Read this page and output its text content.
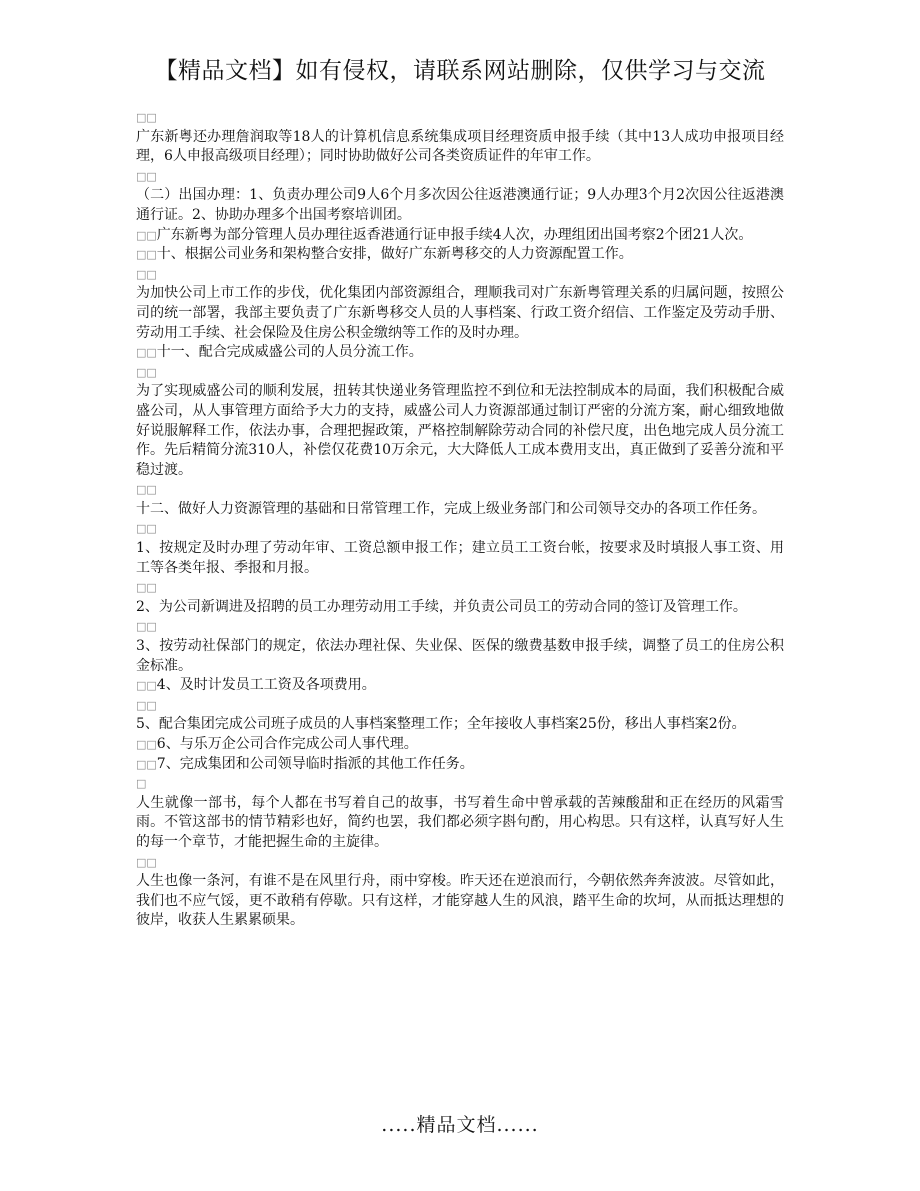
【精品文档】如有侵权，请联系网站删除，仅供学习与交流
□□

广东新粤还办理詹润取等18人的计算机信息系统集成项目经理资质申报手续（其中13人成功申报项目经理，6人申报高级项目经理）；同时协助做好公司各类资质证件的年审工作。

□□

（二）出国办理：1、负责办理公司9人6个月多次因公往返港澳通行证；9人办理3个月2次因公往返港澳通行证。2、协助办理多个出国考察培训团。

□□广东新粤为部分管理人员办理往返香港通行证申报手续4人次，办理组团出国考察2个团21人次。

□□十、根据公司业务和架构整合安排，做好广东新粤移交的人力资源配置工作。

□□

为加快公司上市工作的步伐，优化集团内部资源组合，理顺我司对广东新粤管理关系的归属问题，按照公司的统一部署，我部主要负责了广东新粤移交人员的人事档案、行政工资介绍信、工作鉴定及劳动手册、劳动用工手续、社会保险及住房公积金缴纳等工作的及时办理。

□□十一、配合完成威盛公司的人员分流工作。

□□

为了实现威盛公司的顺利发展，扭转其快递业务管理监控不到位和无法控制成本的局面，我们积极配合威盛公司，从人事管理方面给予大力的支持，威盛公司人力资源部通过制订严密的分流方案，耐心细致地做好说服解释工作，依法办事，合理把握政策，严格控制解除劳动合同的补偿尺度，出色地完成人员分流工作。先后精简分流310人，补偿仅花费10万余元，大大降低人工成本费用支出，真正做到了妥善分流和平稳过渡。

□□

十二、做好人力资源管理的基础和日常管理工作，完成上级业务部门和公司领导交办的各项工作任务。

□□

1、按规定及时办理了劳动年审、工资总额申报工作；建立员工工资台帐，按要求及时填报人事工资、用工等各类年报、季报和月报。

□□

2、为公司新调进及招聘的员工办理劳动用工手续，并负责公司员工的劳动合同的签订及管理工作。

□□

3、按劳动社保部门的规定，依法办理社保、失业保、医保的缴费基数申报手续，调整了员工的住房公积金标准。

□□4、及时计发员工工资及各项费用。

□□

5、配合集团完成公司班子成员的人事档案整理工作；全年接收人事档案25份，移出人事档案2份。

□□6、与乐万企公司合作完成公司人事代理。

□□7、完成集团和公司领导临时指派的其他工作任务。

□

人生就像一部书，每个人都在书写着自己的故事，书写着生命中曾承载的苦辣酸甜和正在经历的风霜雪雨。不管这部书的情节精彩也好，简约也罢，我们都必须字斟句酌，用心构思。只有这样，认真写好人生的每一个章节，才能把握生命的主旋律。

□□

人生也像一条河，有谁不是在风里行舟，雨中穿梭。昨天还在逆浪而行，今朝依然奔奔波波。尽管如此，我们也不应气馁，更不敢稍有停歇。只有这样，才能穿越人生的风浪，踏平生命的坎坷，从而抵达理想的彼岸，收获人生累累硕果。

.....精品文档......
